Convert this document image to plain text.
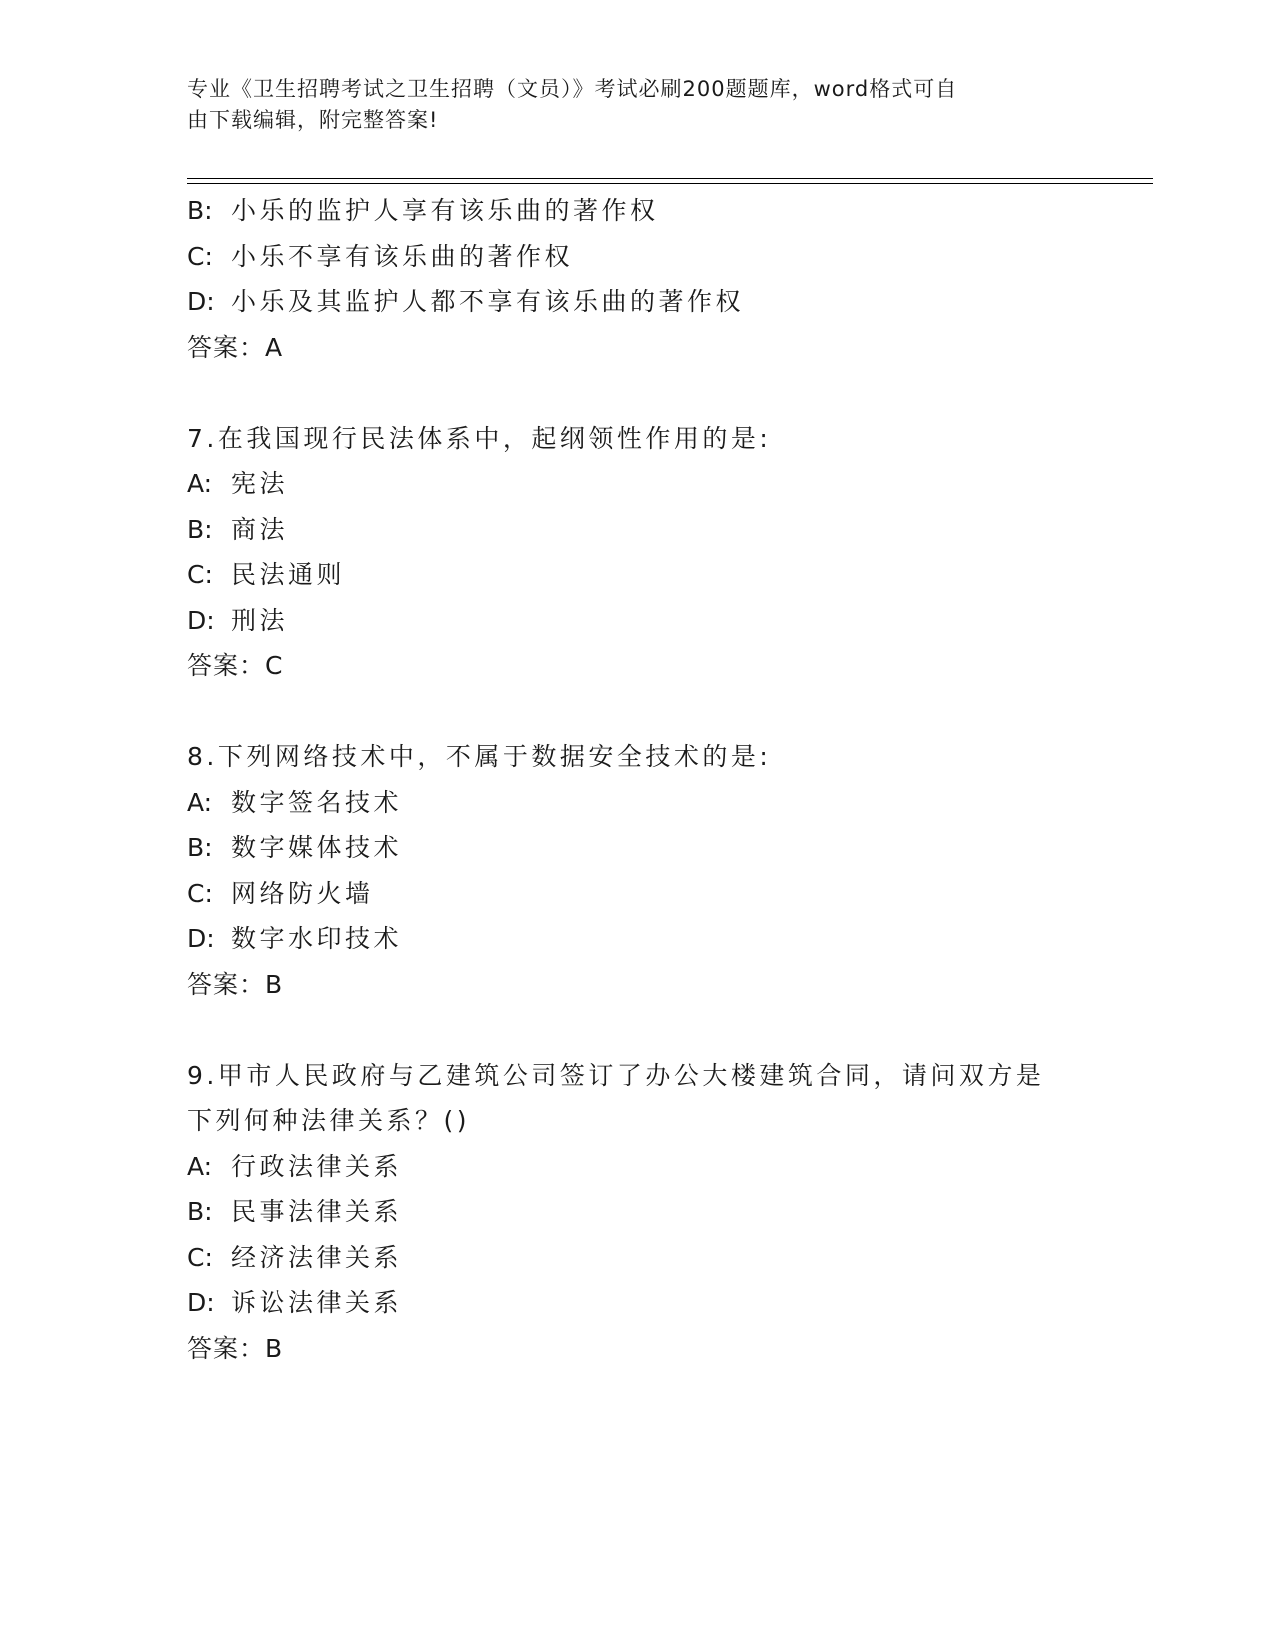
专业《卫生招聘考试之卫生招聘（文员）》考试必刷200题题库，word格式可自
由下载编辑，附完整答案!
B: 小乐的监护人享有该乐曲的著作权
C: 小乐不享有该乐曲的著作权
D: 小乐及其监护人都不享有该乐曲的著作权
答案：A
7.在我国现行民法体系中，起纲领性作用的是:
A: 宪法
B: 商法
C: 民法通则
D: 刑法
答案：C
8.下列网络技术中，不属于数据安全技术的是:
A: 数字签名技术
B: 数字媒体技术
C: 网络防火墙
D: 数字水印技术
答案：B
9.甲市人民政府与乙建筑公司签订了办公大楼建筑合同，请问双方是
下列何种法律关系？()
A: 行政法律关系
B: 民事法律关系
C: 经济法律关系
D: 诉讼法律关系
答案：B
